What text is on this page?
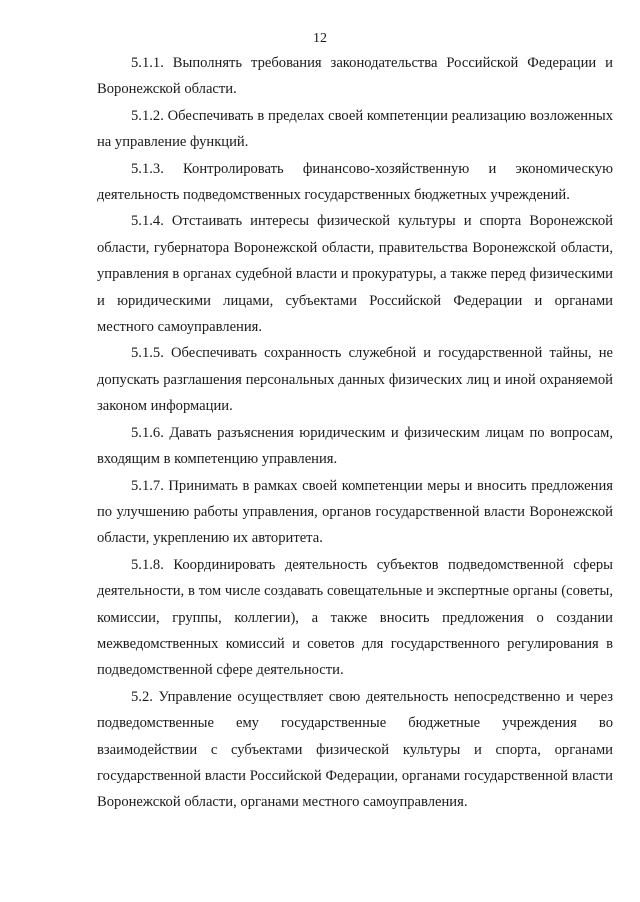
12

5.1.1. Выполнять требования законодательства Российской Федерации и Воронежской области.

5.1.2. Обеспечивать в пределах своей компетенции реализацию возложенных на управление функций.

5.1.3. Контролировать финансово-хозяйственную и экономическую деятельность подведомственных государственных бюджетных учреждений.

5.1.4. Отстаивать интересы физической культуры и спорта Воронежской области, губернатора Воронежской области, правительства Воронежской области, управления в органах судебной власти и прокуратуры, а также перед физическими и юридическими лицами, субъектами Российской Федерации и органами местного самоуправления.

5.1.5. Обеспечивать сохранность служебной и государственной тайны, не допускать разглашения персональных данных физических лиц и иной охраняемой законом информации.

5.1.6. Давать разъяснения юридическим и физическим лицам по вопросам, входящим в компетенцию управления.

5.1.7. Принимать в рамках своей компетенции меры и вносить предложения по улучшению работы управления, органов государственной власти Воронежской области, укреплению их авторитета.

5.1.8. Координировать деятельность субъектов подведомственной сферы деятельности, в том числе создавать совещательные и экспертные органы (советы, комиссии, группы, коллегии), а также вносить предложения о создании межведомственных комиссий и советов для государственного регулирования в подведомственной сфере деятельности.

5.2. Управление осуществляет свою деятельность непосредственно и через подведомственные ему государственные бюджетные учреждения во взаимодействии с субъектами физической культуры и спорта, органами государственной власти Российской Федерации, органами государственной власти Воронежской области, органами местного самоуправления.
